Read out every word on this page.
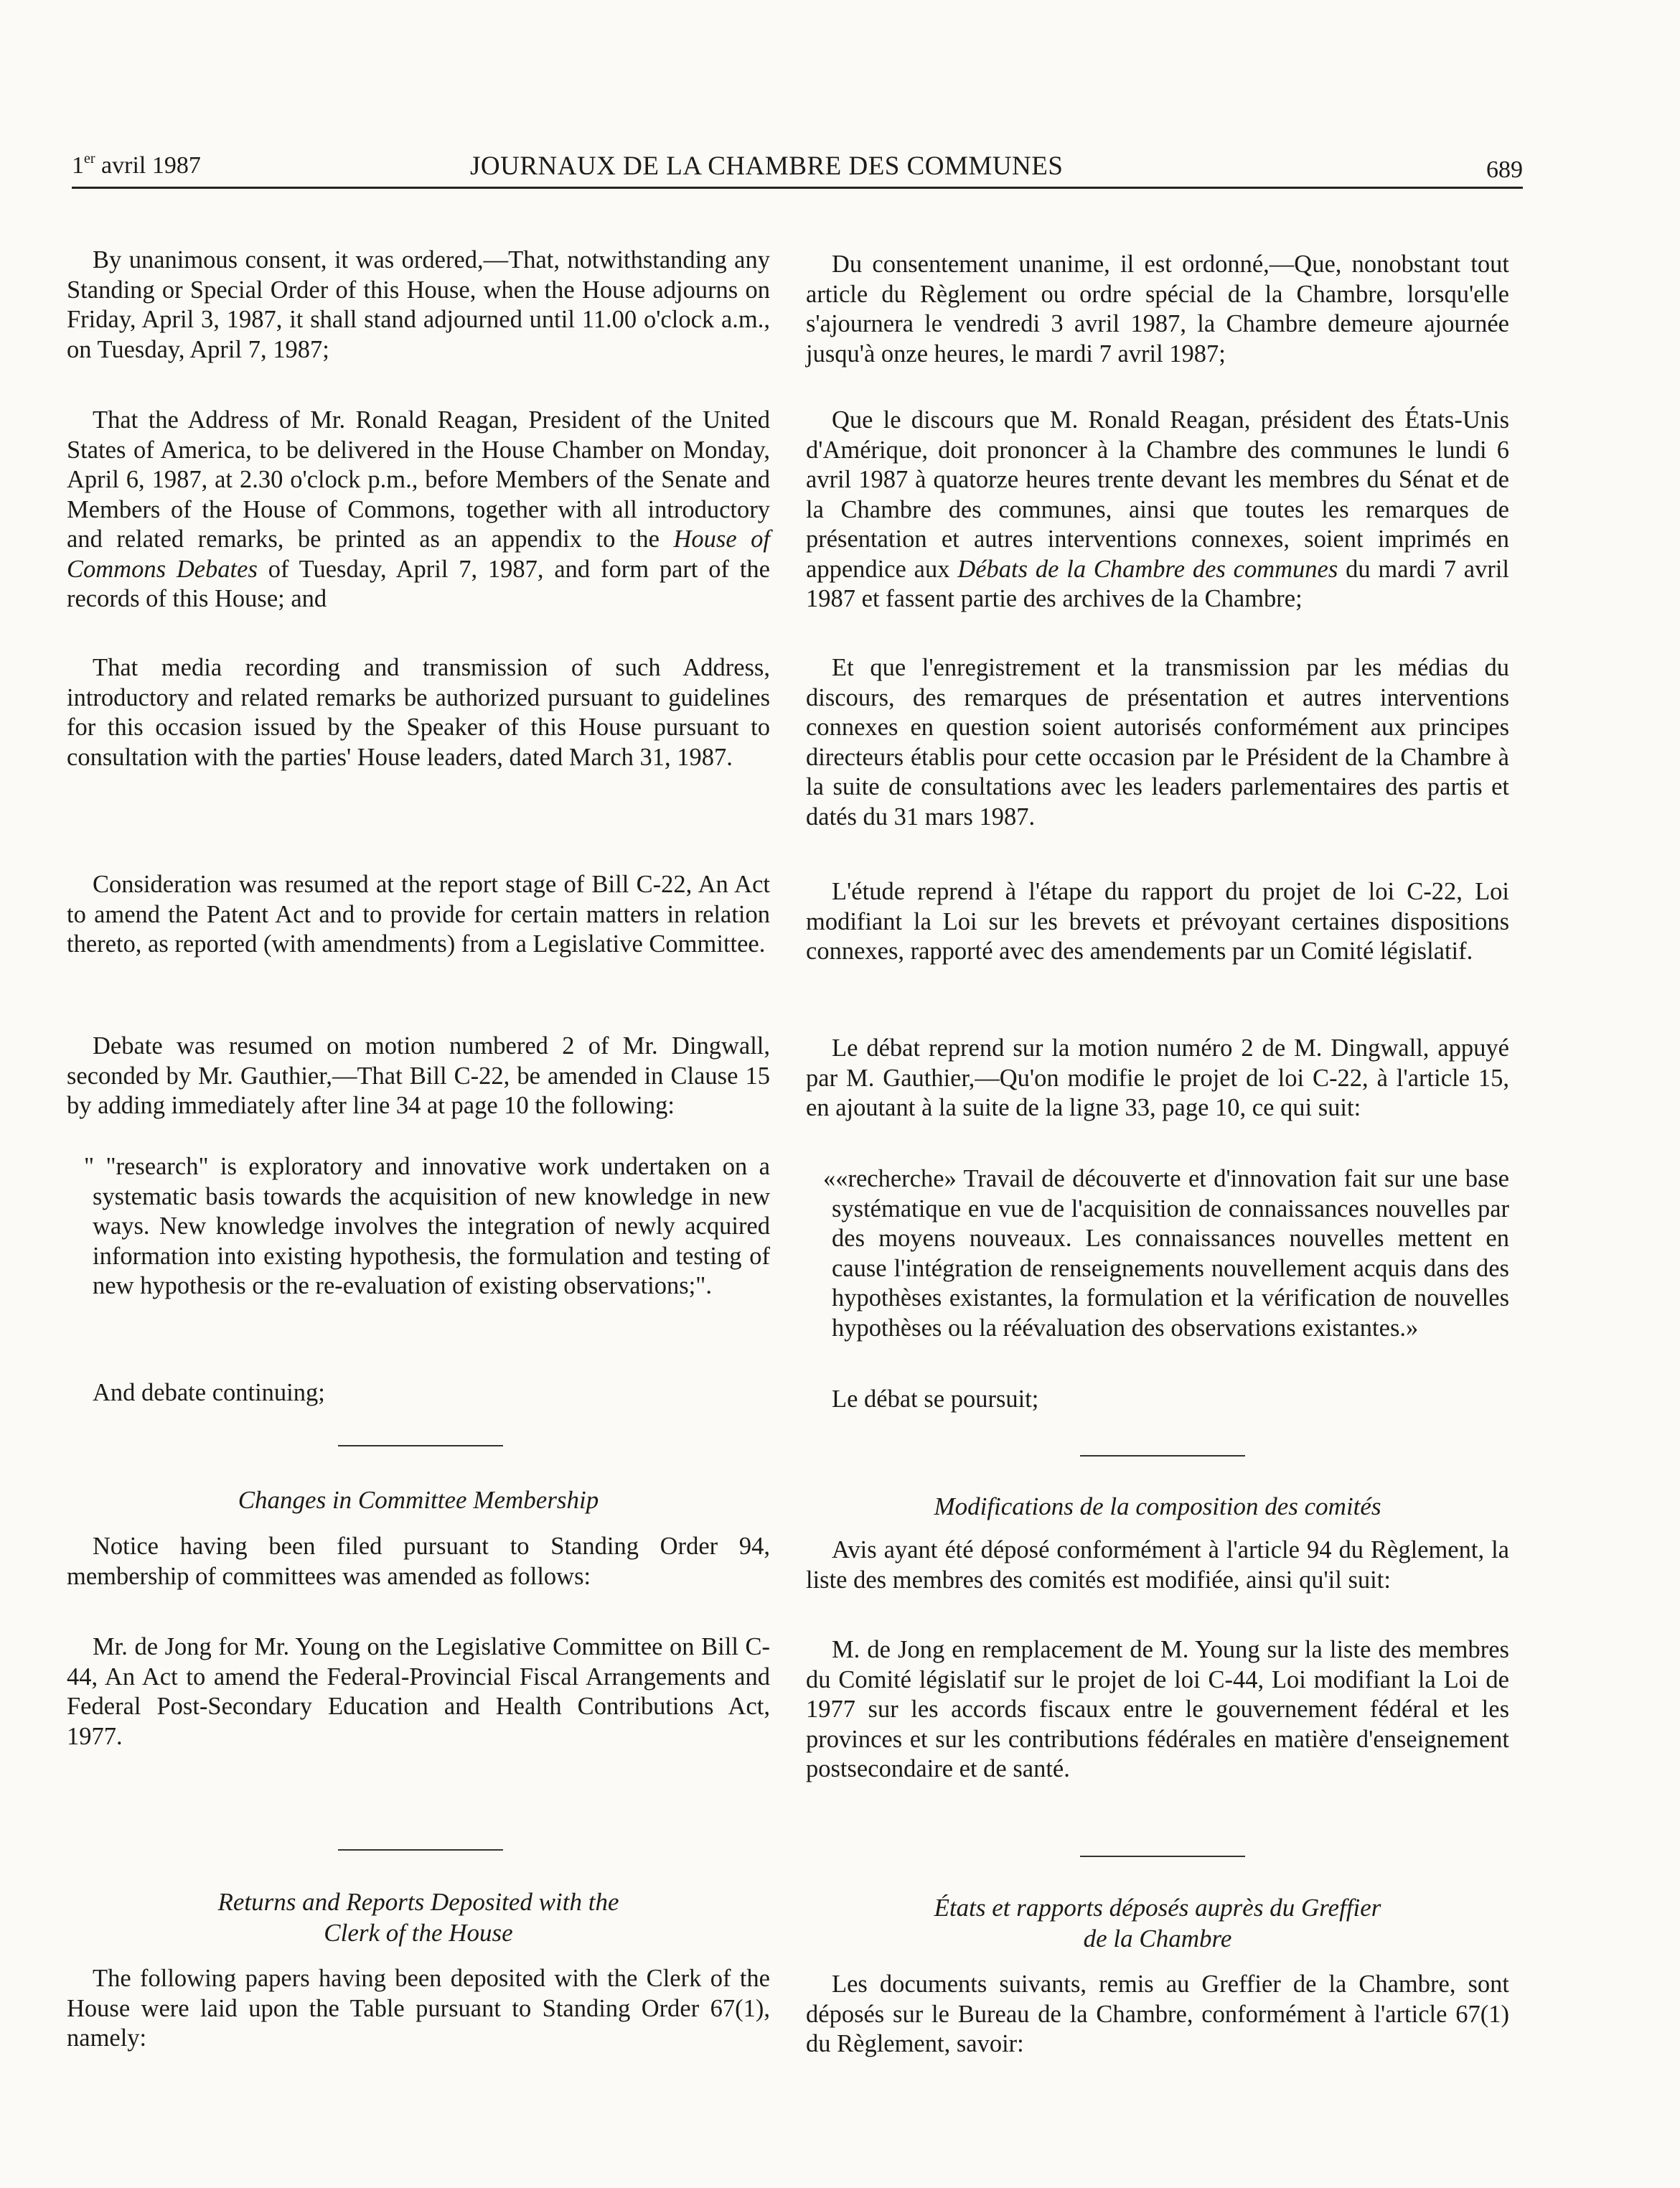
1er avril 1987	JOURNAUX DE LA CHAMBRE DES COMMUNES	689

By unanimous consent, it was ordered,—That, notwithstanding any Standing or Special Order of this House, when the House adjourns on Friday, April 3, 1987, it shall stand adjourned until 11.00 o'clock a.m., on Tuesday, April 7, 1987;

That the Address of Mr. Ronald Reagan, President of the United States of America, to be delivered in the House Chamber on Monday, April 6, 1987, at 2.30 o'clock p.m., before Members of the Senate and Members of the House of Commons, together with all introductory and related remarks, be printed as an appendix to the House of Commons Debates of Tuesday, April 7, 1987, and form part of the records of this House; and

That media recording and transmission of such Address, introductory and related remarks be authorized pursuant to guidelines for this occasion issued by the Speaker of this House pursuant to consultation with the parties' House leaders, dated March 31, 1987.

Consideration was resumed at the report stage of Bill C-22, An Act to amend the Patent Act and to provide for certain matters in relation thereto, as reported (with amendments) from a Legislative Committee.

Debate was resumed on motion numbered 2 of Mr. Dingwall, seconded by Mr. Gauthier,—That Bill C-22, be amended in Clause 15 by adding immediately after line 34 at page 10 the following:

" "research" is exploratory and innovative work undertaken on a systematic basis towards the acquisition of new knowledge in new ways. New knowledge involves the integration of newly acquired information into existing hypothesis, the formulation and testing of new hypothesis or the re-evaluation of existing observations;".

And debate continuing;

Changes in Committee Membership

Notice having been filed pursuant to Standing Order 94, membership of committees was amended as follows:

Mr. de Jong for Mr. Young on the Legislative Committee on Bill C-44, An Act to amend the Federal-Provincial Fiscal Arrangements and Federal Post-Secondary Education and Health Contributions Act, 1977.

Returns and Reports Deposited with the
Clerk of the House

The following papers having been deposited with the Clerk of the House were laid upon the Table pursuant to Standing Order 67(1), namely:

Du consentement unanime, il est ordonné,—Que, nonobstant tout article du Règlement ou ordre spécial de la Chambre, lorsqu'elle s'ajournera le vendredi 3 avril 1987, la Chambre demeure ajournée jusqu'à onze heures, le mardi 7 avril 1987;

Que le discours que M. Ronald Reagan, président des États-Unis d'Amérique, doit prononcer à la Chambre des communes le lundi 6 avril 1987 à quatorze heures trente devant les membres du Sénat et de la Chambre des communes, ainsi que toutes les remarques de présentation et autres interventions connexes, soient imprimés en appendice aux Débats de la Chambre des communes du mardi 7 avril 1987 et fassent partie des archives de la Chambre;

Et que l'enregistrement et la transmission par les médias du discours, des remarques de présentation et autres interventions connexes en question soient autorisés conformément aux principes directeurs établis pour cette occasion par le Président de la Chambre à la suite de consultations avec les leaders parlementaires des partis et datés du 31 mars 1987.

L'étude reprend à l'étape du rapport du projet de loi C-22, Loi modifiant la Loi sur les brevets et prévoyant certaines dispositions connexes, rapporté avec des amendements par un Comité législatif.

Le débat reprend sur la motion numéro 2 de M. Dingwall, appuyé par M. Gauthier,—Qu'on modifie le projet de loi C-22, à l'article 15, en ajoutant à la suite de la ligne 33, page 10, ce qui suit:

««recherche» Travail de découverte et d'innovation fait sur une base systématique en vue de l'acquisition de connaissances nouvelles par des moyens nouveaux. Les connaissances nouvelles mettent en cause l'intégration de renseignements nouvellement acquis dans des hypothèses existantes, la formulation et la vérification de nouvelles hypothèses ou la réévaluation des observations existantes.»

Le débat se poursuit;

Modifications de la composition des comités

Avis ayant été déposé conformément à l'article 94 du Règlement, la liste des membres des comités est modifiée, ainsi qu'il suit:

M. de Jong en remplacement de M. Young sur la liste des membres du Comité législatif sur le projet de loi C-44, Loi modifiant la Loi de 1977 sur les accords fiscaux entre le gouvernement fédéral et les provinces et sur les contributions fédérales en matière d'enseignement postsecondaire et de santé.

États et rapports déposés auprès du Greffier
de la Chambre

Les documents suivants, remis au Greffier de la Chambre, sont déposés sur le Bureau de la Chambre, conformément à l'article 67(1) du Règlement, savoir:
